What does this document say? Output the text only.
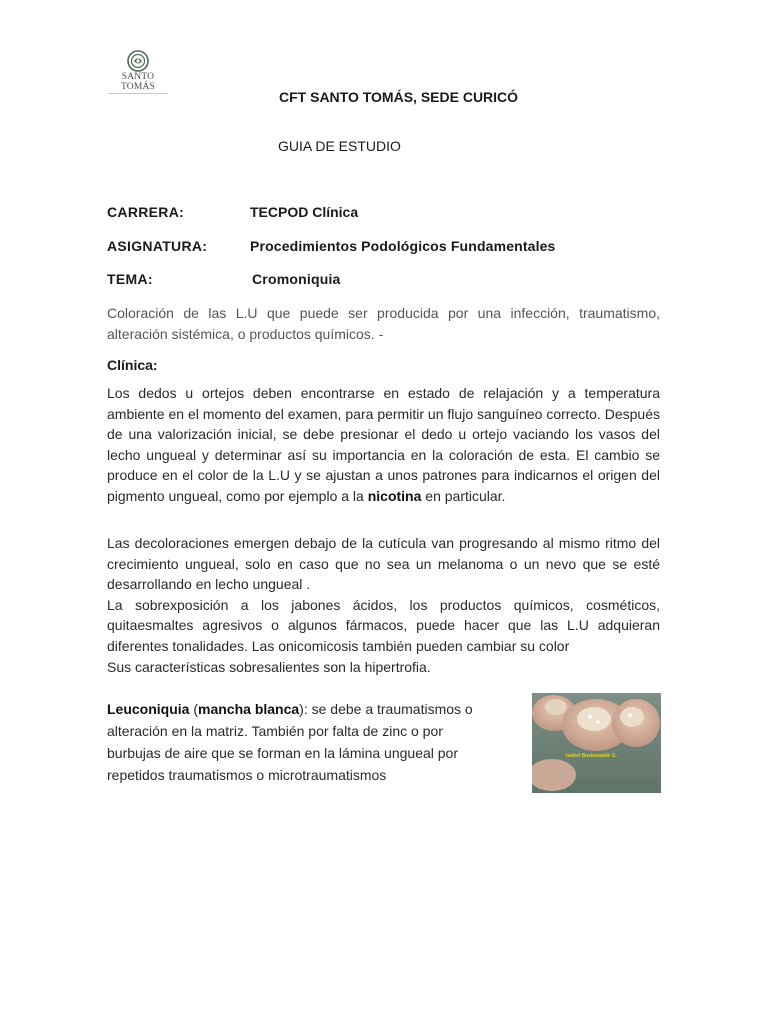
SANTO
TOMÁS
CFT SANTO TOMÁS, SEDE CURICÓ
GUIA DE ESTUDIO
CARRERA:	TECPOD Clínica
ASIGNATURA:	Procedimientos Podológicos Fundamentales
TEMA:	Cromoniquia
Coloración de las L.U que puede ser producida por una infección, traumatismo, alteración sistémica, o productos químicos. -
Clínica:
Los dedos u ortejos deben encontrarse en estado de relajación y a temperatura ambiente en el momento del examen, para permitir un flujo sanguíneo correcto. Después de una valorización inicial, se debe presionar el dedo u ortejo vaciando los vasos del lecho ungueal y determinar así su importancia en la coloración de esta. El cambio se produce en el color de la L.U y se ajustan a unos patrones para indicarnos el origen del pigmento ungueal, como por ejemplo a la nicotina en particular.
Las decoloraciones emergen debajo de la cutícula van progresando al mismo ritmo del crecimiento ungueal, solo en caso que no sea un melanoma o un nevo que se esté desarrollando en lecho ungueal .
La sobrexposición a los jabones ácidos, los productos químicos, cosméticos, quitaesmaltes agresivos o algunos fármacos, puede hacer que las L.U adquieran diferentes tonalidades. Las onicomicosis también pueden cambiar su color
Sus características sobresalientes son la hipertrofia.
Leuconiquia (mancha blanca): se debe a traumatismos o
alteración en la matriz. También por falta de zinc o por
burbujas de aire que se forman en la lámina ungueal por
repetidos traumatismos o microtraumatismos
Isabel Bustamante G.
